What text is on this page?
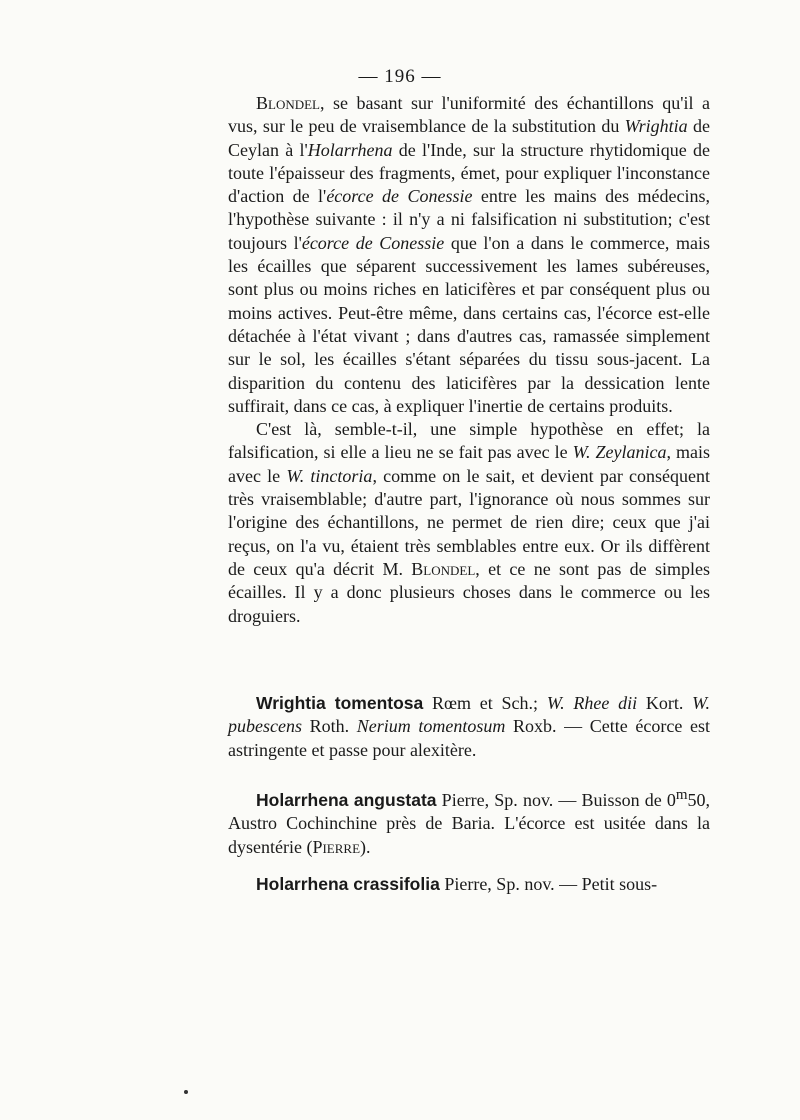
— 196 —

Blondel, se basant sur l'uniformité des échantillons qu'il a vus, sur le peu de vraisemblance de la substitution du Wrightia de Ceylan à l'Holarrhena de l'Inde, sur la structure rhytidomique de toute l'épaisseur des fragments, émet, pour expliquer l'inconstance d'action de l'écorce de Conessie entre les mains des médecins, l'hypothèse suivante : il n'y a ni falsification ni substitution; c'est toujours l'écorce de Conessie que l'on a dans le commerce, mais les écailles que séparent successivement les lames subéreuses, sont plus ou moins riches en laticifères et par conséquent plus ou moins actives. Peut-être même, dans certains cas, l'écorce est-elle détachée à l'état vivant ; dans d'autres cas, ramassée simplement sur le sol, les écailles s'étant séparées du tissu sous-jacent. La disparition du contenu des laticifères par la dessication lente suffirait, dans ce cas, à expliquer l'inertie de certains produits.

C'est là, semble-t-il, une simple hypothèse en effet; la falsification, si elle a lieu ne se fait pas avec le W. Zeylanica, mais avec le W. tinctoria, comme on le sait, et devient par conséquent très vraisemblable; d'autre part, l'ignorance où nous sommes sur l'origine des échantillons, ne permet de rien dire; ceux que j'ai reçus, on l'a vu, étaient très semblables entre eux. Or ils diffèrent de ceux qu'a décrit M. Blondel, et ce ne sont pas de simples écailles. Il y a donc plusieurs choses dans le commerce ou les droguiers.

Wrightia tomentosa Rœm et Sch.; W. Rhee dii Kort. W. pubescens Roth. Nerium tomentosum Roxb. — Cette écorce est astringente et passe pour alexitère.

Holarrhena angustata Pierre, Sp. nov. — Buisson de 0$^m$50, Austro Cochinchine près de Baria. L'écorce est usitée dans la dysentérie (Pierre).

Holarrhena crassifolia Pierre, Sp. nov. — Petit sous-
